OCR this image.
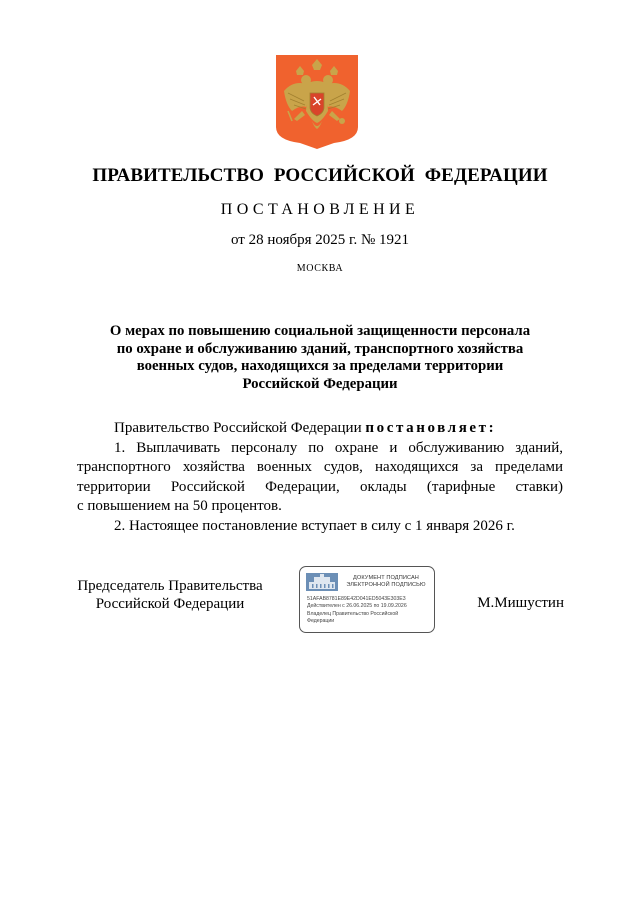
ПРАВИТЕЛЬСТВО РОССИЙСКОЙ ФЕДЕРАЦИИ
ПОСТАНОВЛЕНИЕ
от 28 ноября 2025 г. № 1921
МОСКВА
О мерах по повышению социальной защищенности персонала
по охране и обслуживанию зданий, транспортного хозяйства
военных судов, находящихся за пределами территории
Российской Федерации
Правительство Российской Федерации постановляет:
1. Выплачивать персоналу по охране и обслуживанию зданий,
транспортного хозяйства военных судов, находящихся за пределами
территории Российской Федерации, оклады (тарифные ставки)
с повышением на 50 процентов.
2. Настоящее постановление вступает в силу с 1 января 2026 г.
Председатель Правительства
Российской Федерации
ДОКУМЕНТ ПОДПИСАН
ЭЛЕКТРОННОЙ ПОДПИСЬЮ
51AFAB8781E89E42D041ED5043E303E3
Действителен с 26.06.2025 по 19.09.2026
Владелец Правительство Российской
Федерации
М.Мишустин
